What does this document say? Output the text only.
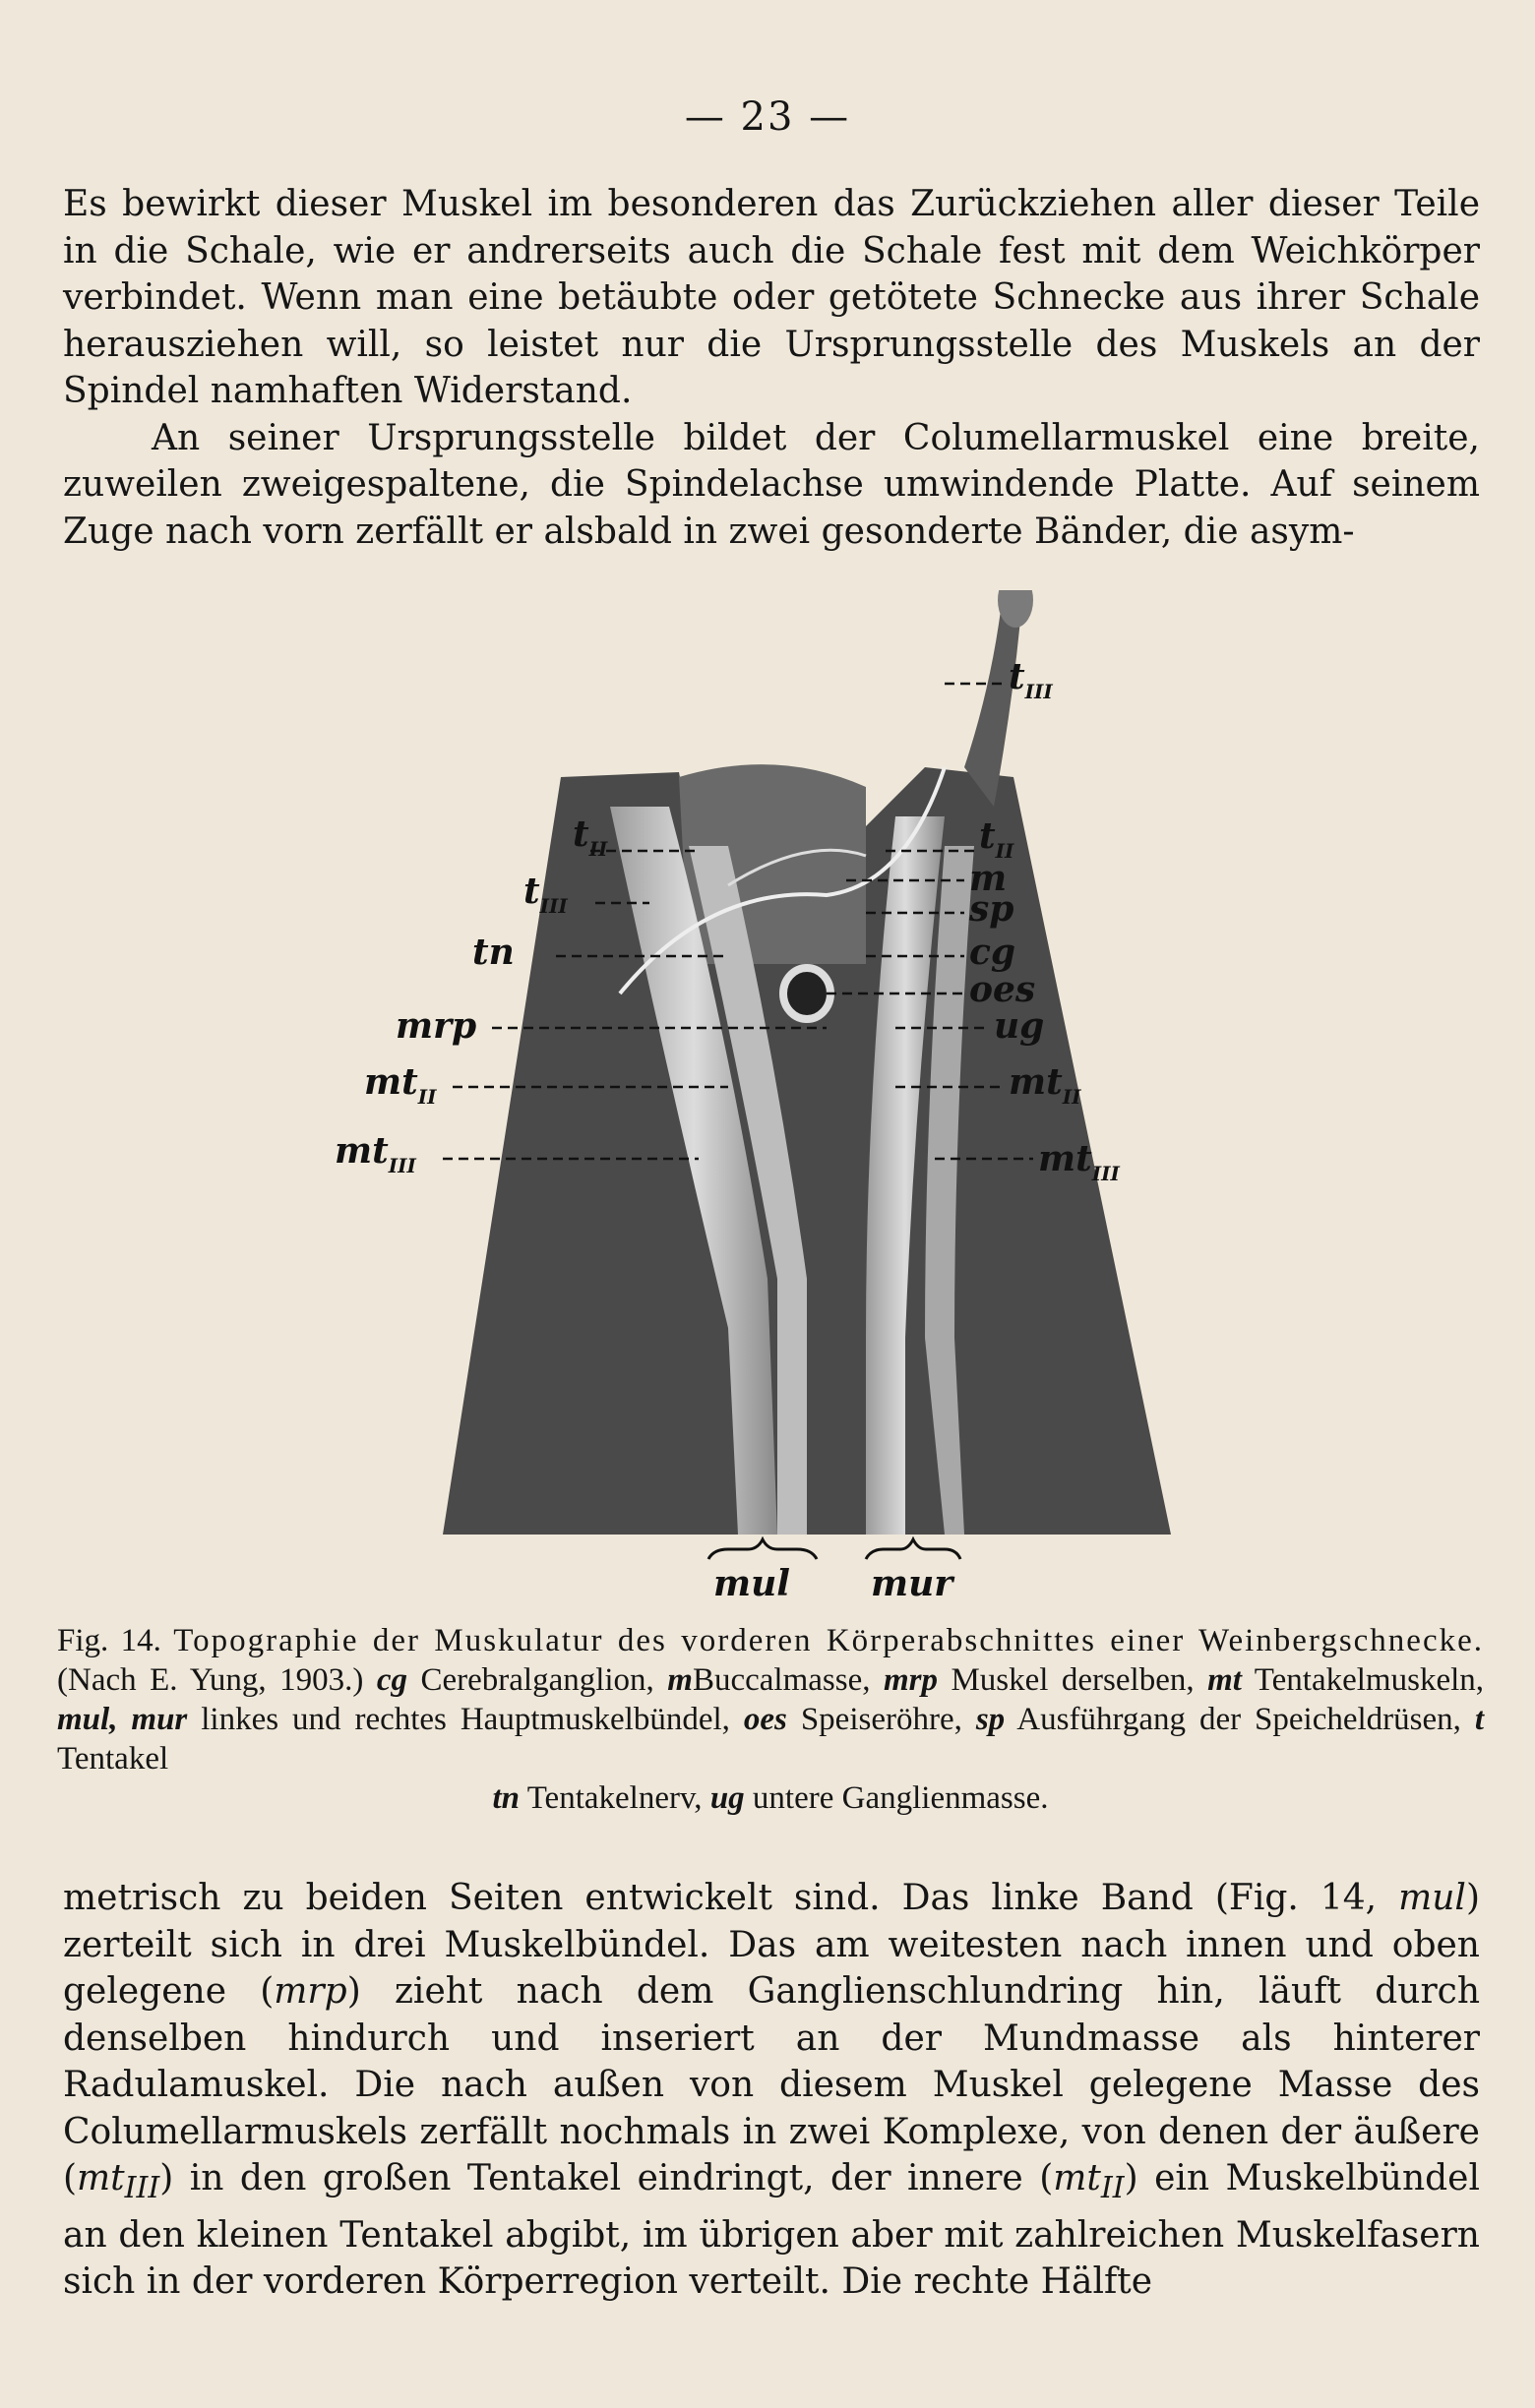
— 23 —

Es bewirkt dieser Muskel im besonderen das Zurückziehen aller dieser Teile in die Schale, wie er andrerseits auch die Schale fest mit dem Weichkörper verbindet. Wenn man eine betäubte oder getötete Schnecke aus ihrer Schale herausziehen will, so leistet nur die Ursprungsstelle des Muskels an der Spindel namhaften Widerstand.

An seiner Ursprungsstelle bildet der Columellarmuskel eine breite, zuweilen zweigespaltene, die Spindelachse umwindende Platte. Auf seinem Zuge nach vorn zerfällt er alsbald in zwei gesonderte Bänder, die asym-

$t_{III}$
$t_{II}$	$t_{II}$
m
$t_{III}$	sp
tn	cg
oes
mrp	ug
$mt_{II}$	$mt_{II}$
$mt_{III}$	$mt_{III}$
mul mur
Fig. 14. Topographie der Muskulatur des vorderen Körperabschnittes einer Weinbergschnecke. (Nach E. Yung, 1903.) cg Cerebralganglion, mBuccalmasse, mrp Muskel derselben, mt Tentakelmuskeln, mul, mur linkes und rechtes Hauptmuskelbündel, oes Speiseröhre, sp Ausführgang der Speicheldrüsen, t Tentakel
tn Tentakelnerv, ug untere Ganglienmasse.

metrisch zu beiden Seiten entwickelt sind. Das linke Band (Fig. 14, mul) zerteilt sich in drei Muskelbündel. Das am weitesten nach innen und oben gelegene (mrp) zieht nach dem Ganglienschlundring hin, läuft durch denselben hindurch und inseriert an der Mundmasse als hinterer Radulamuskel. Die nach außen von diesem Muskel gelegene Masse des Columellarmuskels zerfällt nochmals in zwei Komplexe, von denen der äußere $(mt_{III})$ in den großen Tentakel eindringt, der innere $(mt_{II})$ ein Muskelbündel an den kleinen Tentakel abgibt, im übrigen aber mit zahlreichen Muskelfasern sich in der vorderen Körperregion verteilt. Die rechte Hälfte
